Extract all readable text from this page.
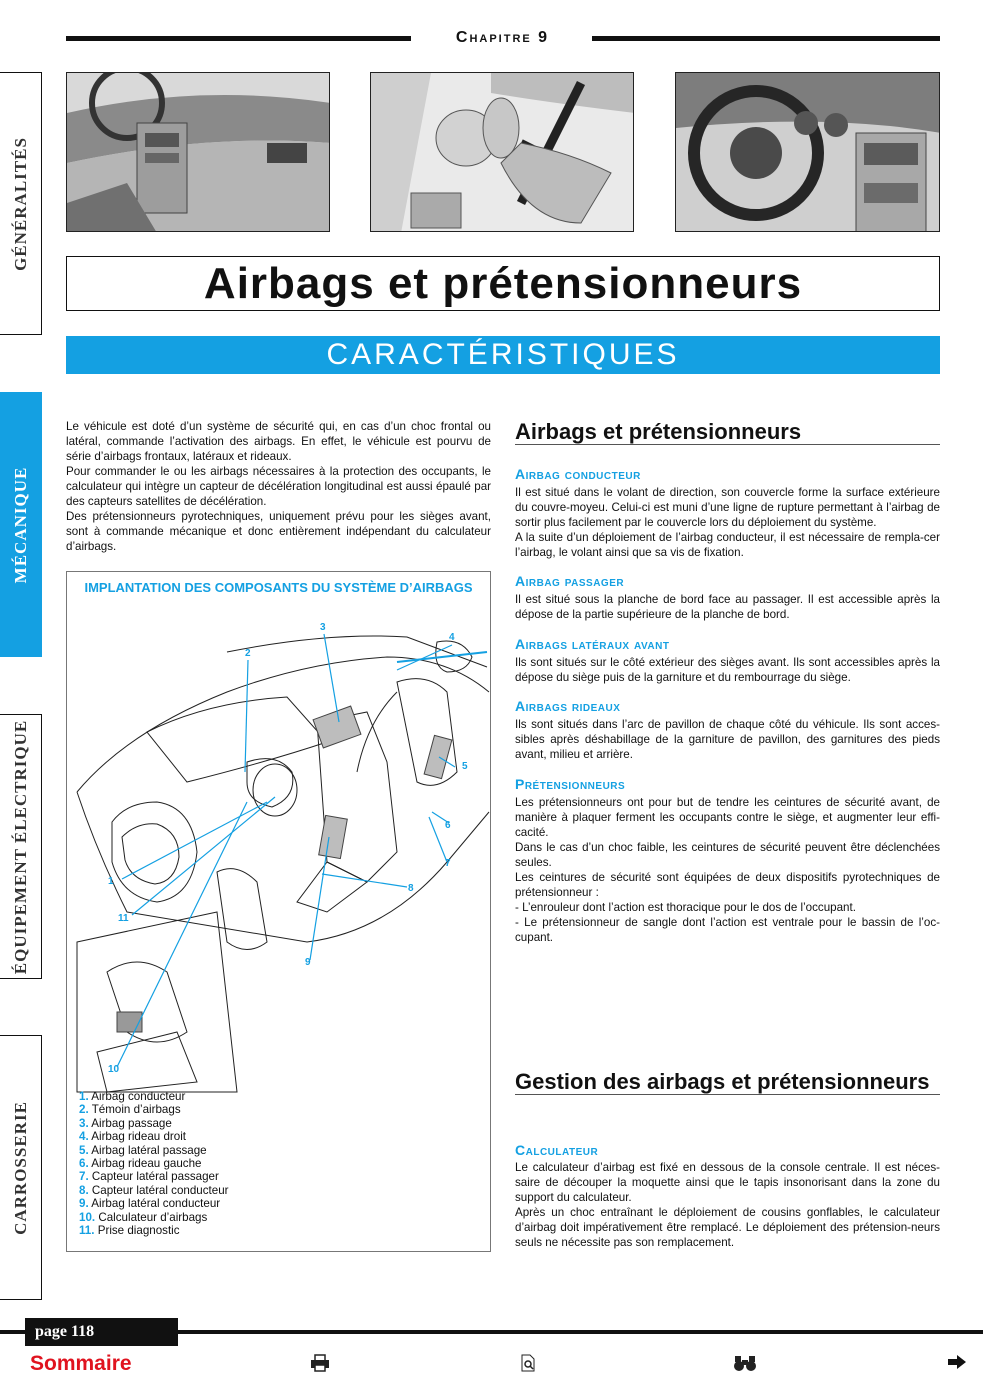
Chapitre 9
GÉNÉRALITÉS
MÉCANIQUE
ÉQUIPEMENT ÉLECTRIQUE
CARROSSERIE
Airbags et prétensionneurs
CARACTÉRISTIQUES

Le véhicule est doté d’un système de sécurité qui, en cas d’un choc frontal ou latéral, commande l’activation des airbags. En effet, le véhicule est pourvu de série d’airbags frontaux, latéraux et rideaux.

Pour commander le ou les airbags nécessaires à la protection des occupants, le calculateur qui intègre un capteur de décélération longitudinal est aussi épaulé par des capteurs satellites de décélération.

Des prétensionneurs pyrotechniques, uniquement prévu pour les sièges avant, sont à commande mécanique et donc entièrement indépendant du calculateur d’airbags.

IMPLANTATION DES COMPOSANTS DU SYSTÈME D’AIRBAGS
1
2
3
4
5
6
7
8
9
10
11
1. Airbag conducteur
2. Témoin d’airbags
3. Airbag passage
4. Airbag rideau droit
5. Airbag latéral passage
6. Airbag rideau gauche
7. Capteur latéral passager
8. Capteur latéral conducteur
9. Airbag latéral conducteur
10. Calculateur d’airbags
11. Prise diagnostic
Airbags et prétensionneurs
Airbag conducteur

Il est situé dans le volant de direction, son couvercle forme la surface extérieure du couvre-moyeu. Celui-ci est muni d’une ligne de rupture permettant à l’airbag de sortir plus facilement par le couvercle lors du déploiement du système.

A la suite d’un déploiement de l’airbag conducteur, il est nécessaire de rempla-cer l’airbag, le volant ainsi que sa vis de fixation.

Airbag passager
Il est situé sous la planche de bord face au passager. Il est accessible après la dépose de la partie supérieure de la planche de bord.
Airbags latéraux avant
Ils sont situés sur le côté extérieur des sièges avant. Ils sont accessibles après la dépose du siège puis de la garniture et du rembourrage du siège.
Airbags rideaux
Ils sont situés dans l’arc de pavillon de chaque côté du véhicule. Ils sont acces-sibles après déshabillage de la garniture de pavillon, des garnitures des pieds avant, milieu et arrière.
Prétensionneurs

Les prétensionneurs ont pour but de tendre les ceintures de sécurité avant, de manière à plaquer ferment les occupants contre le siège, et augmenter leur effi-cacité.

Dans le cas d’un choc faible, les ceintures de sécurité peuvent être déclenchées seules.

Les ceintures de sécurité sont équipées de deux dispositifs pyrotechniques de prétensionneur :

- L’enrouleur dont l’action est thoracique pour le dos de l’occupant.

- Le prétensionneur de sangle dont l’action est ventrale pour le bassin de l’oc-cupant.

Gestion des airbags et prétensionneurs
Calculateur

Le calculateur d’airbag est fixé en dessous de la console centrale. Il est néces-saire de découper la moquette ainsi que le tapis insonorisant dans la zone du support du calculateur.

Après un choc entraînant le déploiement de cousins gonflables, le calculateur d’airbag doit impérativement être remplacé. Le déploiement des prétension-neurs seuls ne nécessite pas son remplacement.

page 118
Sommaire
